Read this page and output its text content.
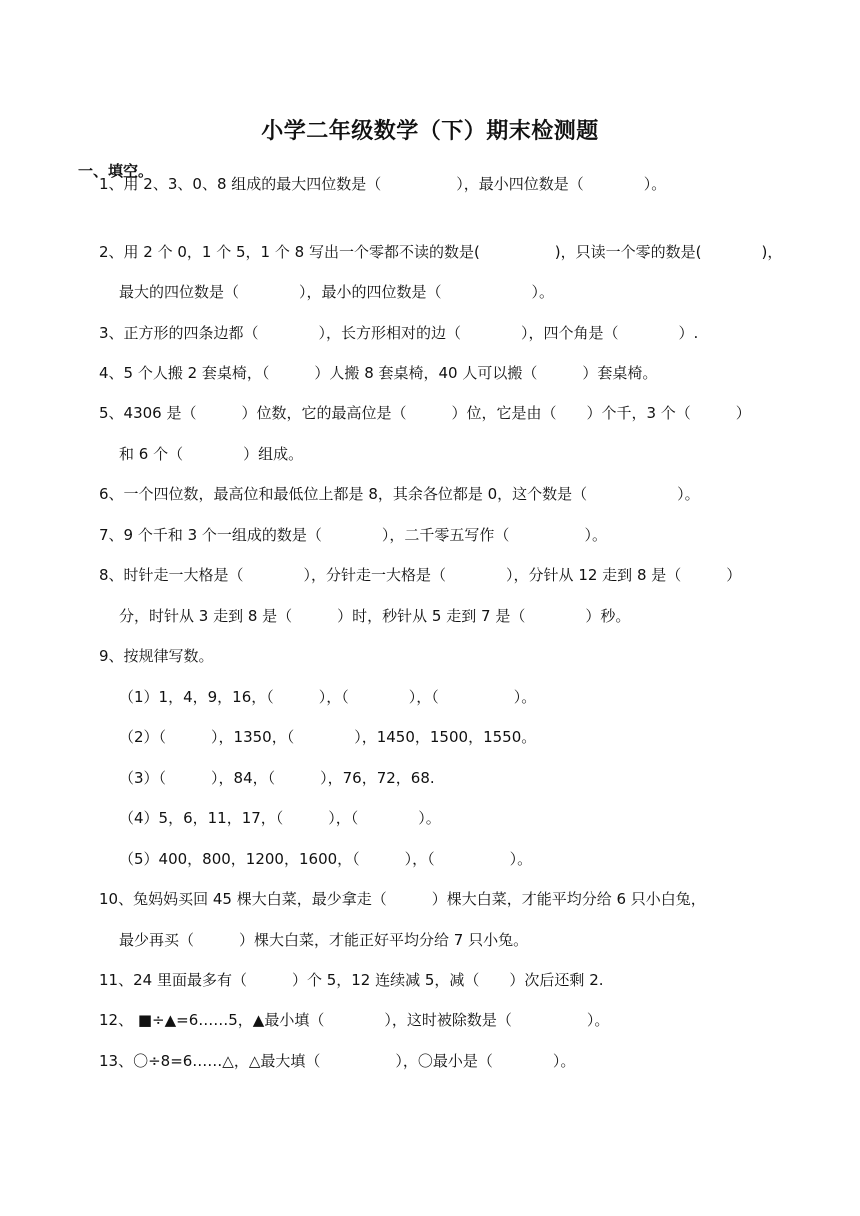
小学二年级数学（下）期末检测题
一、填空。
1、用 2、3、0、8 组成的最大四位数是（　　　　　），最小四位数是（　　　　）。
2、用 2 个 0，1 个 5，1 个 8 写出一个零都不读的数是(　　　　　)，只读一个零的数是(　　　　)，
最大的四位数是（　　　　），最小的四位数是（　　　　　　）。
3、正方形的四条边都（　　　　），长方形相对的边（　　　　），四个角是（　　　　）.
4、5 个人搬 2 套桌椅，（　　　）人搬 8 套桌椅，40 人可以搬（　　　）套桌椅。
5、4306 是（　　　）位数，它的最高位是（　　　）位，它是由（　　）个千，3 个（　　　）
和 6 个（　　　　）组成。
6、一个四位数，最高位和最低位上都是 8，其余各位都是 0，这个数是（　　　　　　）。
7、9 个千和 3 个一组成的数是（　　　　），二千零五写作（　　　　　）。
8、时针走一大格是（　　　　），分针走一大格是（　　　　），分针从 12 走到 8 是（　　　）
分，时针从 3 走到 8 是（　　　）时，秒针从 5 走到 7 是（　　　　）秒。
9、按规律写数。
（1）1，4，9，16，（　　　），（　　　　），（　　　　　）。
（2）（　　　），1350，（　　　　），1450，1500，1550。
（3）（　　　），84，（　　　），76，72，68.
（4）5，6，11，17，（　　　），（　　　　）。
（5）400，800，1200，1600，（　　　），（　　　　　）。
10、兔妈妈买回 45 棵大白菜，最少拿走（　　　）棵大白菜，才能平均分给 6 只小白兔，
最少再买（　　　）棵大白菜，才能正好平均分给 7 只小兔。
11、24 里面最多有（　　　）个 5，12 连续减 5，减（　　）次后还剩 2.
12、 ■÷▲=6……5，▲最小填（　　　　），这时被除数是（　　　　　）。
13、〇÷8=6……△，△最大填（　　　　　），〇最小是（　　　　）。
